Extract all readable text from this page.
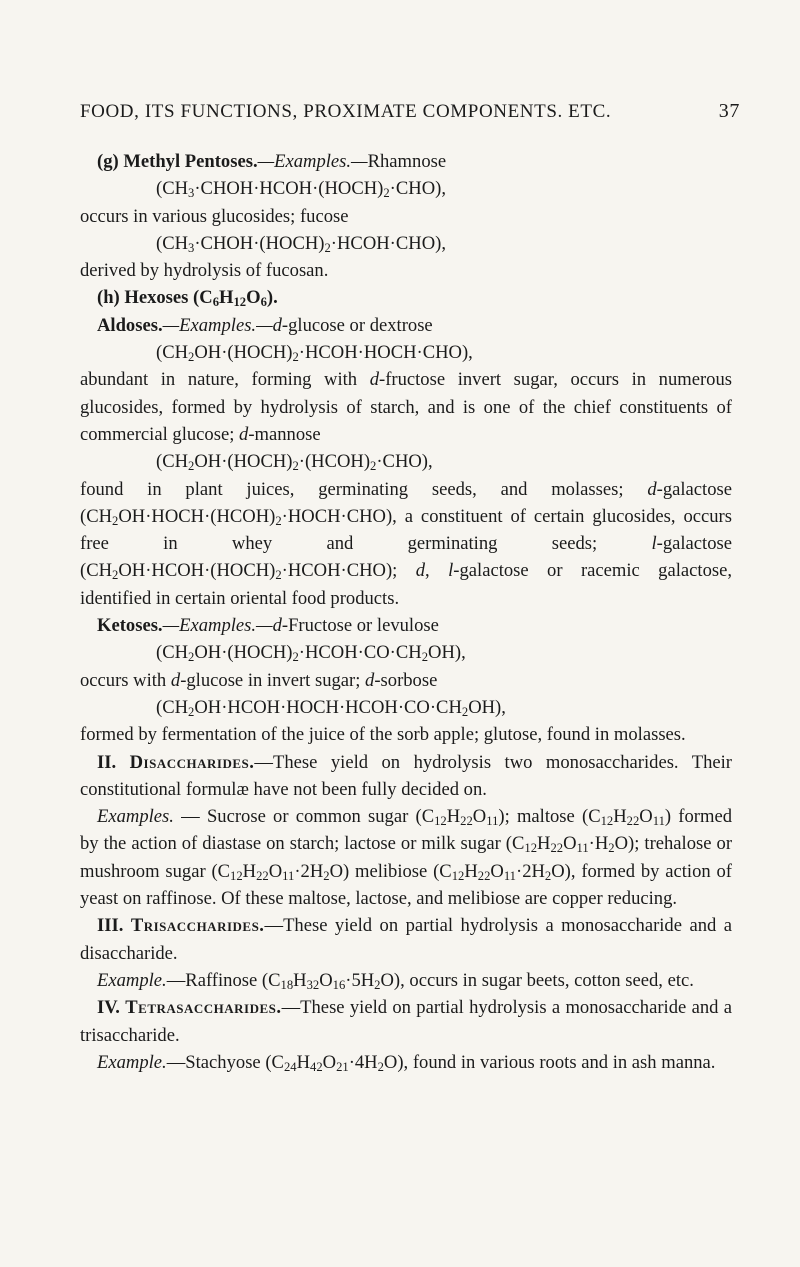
FOOD, ITS FUNCTIONS, PROXIMATE COMPONENTS. ETC.	37

(g) Methyl Pentoses.—Examples.—Rhamnose

$(CH_3\cdot CHOH\cdot HCOH\cdot(HOCH)_2\cdot CHO)$,

occurs in various glucosides; fucose

$(CH_3\cdot CHOH\cdot(HOCH)_2\cdot HCOH\cdot CHO)$,

derived by hydrolysis of fucosan.

(h) Hexoses $(C_6H_{12}O_6)$.

Aldoses.—Examples.—d-glucose or dextrose

$(CH_2OH\cdot(HOCH)_2\cdot HCOH\cdot HOCH\cdot CHO)$,

abundant in nature, forming with d-fructose invert sugar, occurs in numerous glucosides, formed by hydrolysis of starch, and is one of the chief constituents of commercial glucose; d-mannose

$(CH_2OH\cdot(HOCH)_2\cdot(HCOH)_2\cdot CHO)$,

found in plant juices, germinating seeds, and molasses; d-galactose $(CH_2OH\cdot HOCH\cdot(HCOH)_2\cdot HOCH\cdot CHO)$, a constituent of certain glucosides, occurs free in whey and germinating seeds; l-galactose $(CH_2OH\cdot HCOH\cdot(HOCH)_2\cdot HCOH\cdot CHO)$; d, l-galactose or racemic galactose, identified in certain oriental food products.

Ketoses.—Examples.—d-Fructose or levulose

$(CH_2OH\cdot(HOCH)_2\cdot HCOH\cdot CO\cdot CH_2OH)$,

occurs with d-glucose in invert sugar; d-sorbose

$(CH_2OH\cdot HCOH\cdot HOCH\cdot HCOH\cdot CO\cdot CH_2OH)$,

formed by fermentation of the juice of the sorb apple; glutose, found in molasses.

II. Disaccharides.—These yield on hydrolysis two monosaccharides. Their constitutional formulæ have not been fully decided on.

Examples. — Sucrose or common sugar $(C_{12}H_{22}O_{11})$; maltose $(C_{12}H_{22}O_{11})$ formed by the action of diastase on starch; lactose or milk sugar $(C_{12}H_{22}O_{11}\cdot H_2O)$; trehalose or mushroom sugar $(C_{12}H_{22}O_{11}\cdot 2H_2O)$ melibiose $(C_{12}H_{22}O_{11}\cdot 2H_2O)$, formed by action of yeast on raffinose. Of these maltose, lactose, and melibiose are copper reducing.

III. Trisaccharides.—These yield on partial hydrolysis a monosaccharide and a disaccharide.

Example.—Raffinose $(C_{18}H_{32}O_{16}\cdot 5H_2O)$, occurs in sugar beets, cotton seed, etc.

IV. Tetrasaccharides.—These yield on partial hydrolysis a monosaccharide and a trisaccharide.

Example.—Stachyose $(C_{24}H_{42}O_{21}\cdot 4H_2O)$, found in various roots and in ash manna.
